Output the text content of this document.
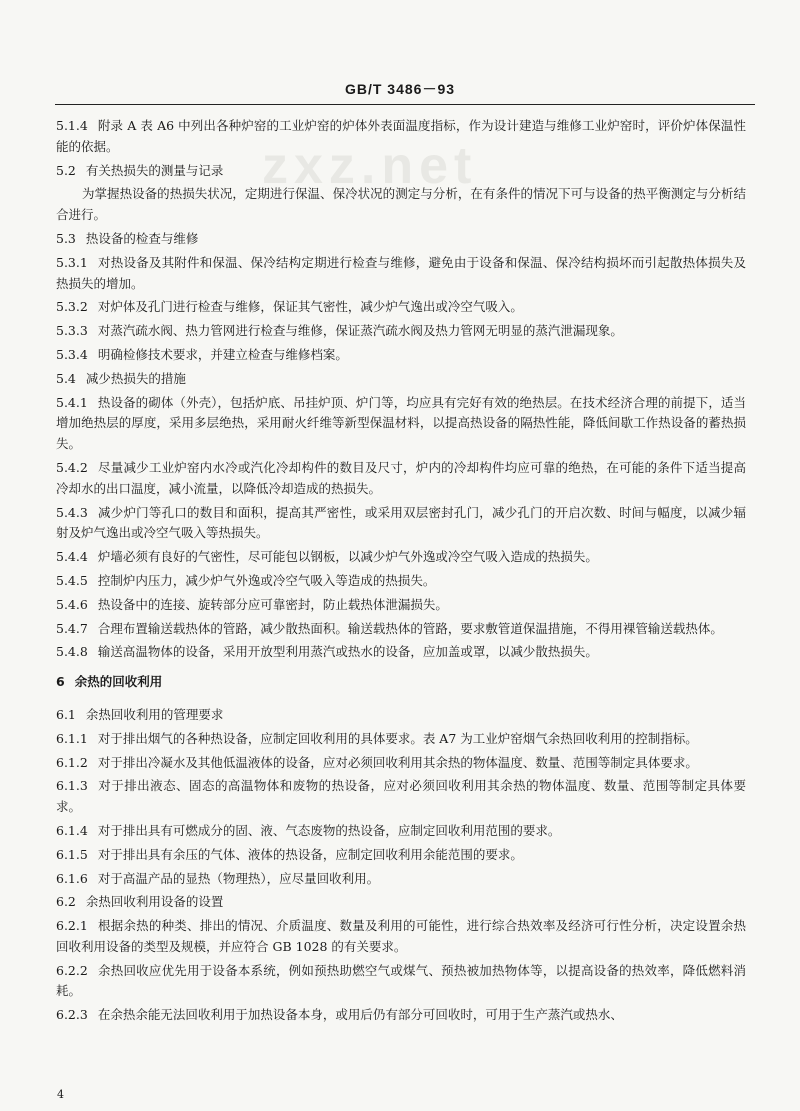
GB/T 3486－93
zxz.net

5.1.4 附录 A 表 A6 中列出各种炉窑的工业炉窑的炉体外表面温度指标，作为设计建造与维修工业炉窑时，评价炉体保温性能的依据。

5.2 有关热损失的测量与记录

为掌握热设备的热损失状况，定期进行保温、保冷状况的测定与分析，在有条件的情况下可与设备的热平衡测定与分析结合进行。

5.3 热设备的检查与维修

5.3.1 对热设备及其附件和保温、保冷结构定期进行检查与维修，避免由于设备和保温、保冷结构损坏而引起散热体损失及热损失的增加。

5.3.2 对炉体及孔门进行检查与维修，保证其气密性，减少炉气逸出或冷空气吸入。

5.3.3 对蒸汽疏水阀、热力管网进行检查与维修，保证蒸汽疏水阀及热力管网无明显的蒸汽泄漏现象。

5.3.4 明确检修技术要求，并建立检查与维修档案。

5.4 减少热损失的措施

5.4.1 热设备的砌体（外壳），包括炉底、吊挂炉顶、炉门等，均应具有完好有效的绝热层。在技术经济合理的前提下，适当增加绝热层的厚度，采用多层绝热，采用耐火纤维等新型保温材料，以提高热设备的隔热性能，降低间歇工作热设备的蓄热损失。

5.4.2 尽量减少工业炉窑内水冷或汽化冷却构件的数目及尺寸，炉内的冷却构件均应可靠的绝热，在可能的条件下适当提高冷却水的出口温度，减小流量，以降低冷却造成的热损失。

5.4.3 减少炉门等孔口的数目和面积，提高其严密性，或采用双层密封孔门，减少孔门的开启次数、时间与幅度，以减少辐射及炉气逸出或冷空气吸入等热损失。

5.4.4 炉墙必须有良好的气密性，尽可能包以钢板，以减少炉气外逸或冷空气吸入造成的热损失。

5.4.5 控制炉内压力，减少炉气外逸或冷空气吸入等造成的热损失。

5.4.6 热设备中的连接、旋转部分应可靠密封，防止载热体泄漏损失。

5.4.7 合理布置输送载热体的管路，减少散热面积。输送载热体的管路，要求敷管道保温措施，不得用裸管输送载热体。

5.4.8 输送高温物体的设备，采用开放型利用蒸汽或热水的设备，应加盖或罩，以减少散热损失。

6 余热的回收利用

6.1 余热回收利用的管理要求

6.1.1 对于排出烟气的各种热设备，应制定回收利用的具体要求。表 A7 为工业炉窑烟气余热回收利用的控制指标。

6.1.2 对于排出冷凝水及其他低温液体的设备，应对必须回收利用其余热的物体温度、数量、范围等制定具体要求。

6.1.3 对于排出液态、固态的高温物体和废物的热设备，应对必须回收利用其余热的物体温度、数量、范围等制定具体要求。

6.1.4 对于排出具有可燃成分的固、液、气态废物的热设备，应制定回收利用范围的要求。

6.1.5 对于排出具有余压的气体、液体的热设备，应制定回收利用余能范围的要求。

6.1.6 对于高温产品的显热（物理热），应尽量回收利用。

6.2 余热回收利用设备的设置

6.2.1 根据余热的种类、排出的情况、介质温度、数量及利用的可能性，进行综合热效率及经济可行性分析，决定设置余热回收利用设备的类型及规模，并应符合 GB 1028 的有关要求。

6.2.2 余热回收应优先用于设备本系统，例如预热助燃空气或煤气、预热被加热物体等，以提高设备的热效率，降低燃料消耗。

6.2.3 在余热余能无法回收利用于加热设备本身，或用后仍有部分可回收时，可用于生产蒸汽或热水、

4
